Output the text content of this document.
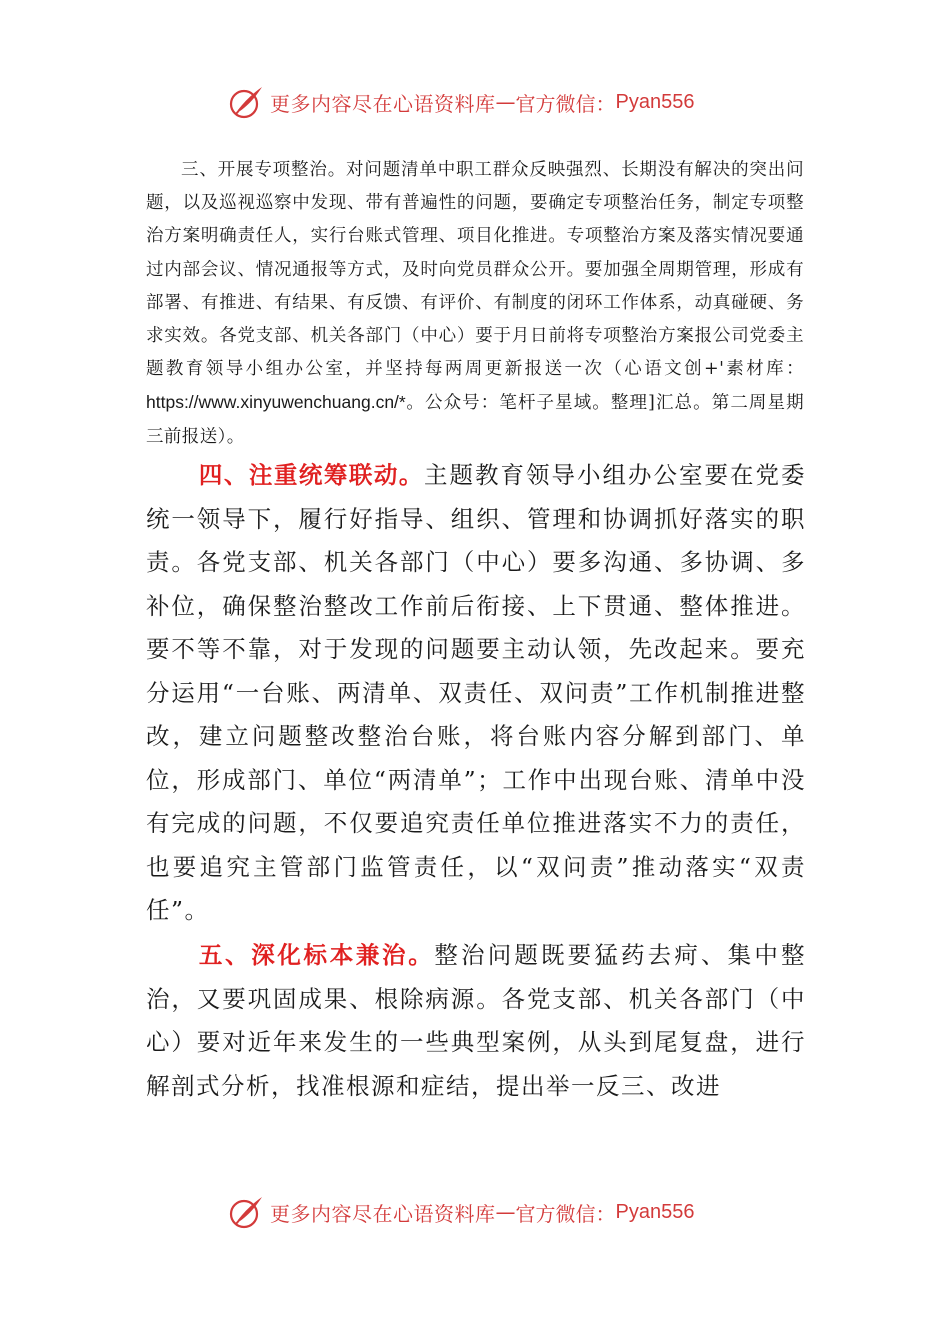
更多内容尽在心语资料库 — 官方微信： Pyan556

三、开展专项整治。对问题清单中职工群众反映强烈、长期没有解决的突出问题，以及巡视巡察中发现、带有普遍性的问题，要确定专项整治任务，制定专项整治方案明确责任人，实行台账式管理、项目化推进。专项整治方案及落实情况要通过内部会议、情况通报等方式，及时向党员群众公开。要加强全周期管理，形成有部署、有推进、有结果、有反馈、有评价、有制度的闭环工作体系，动真碰硬、务求实效。各党支部、机关各部门（中心）要于月日前将专项整治方案报公司党委主题教育领导小组办公室，并坚持每两周更新报送一次（心语文创+'素材库：https://www.xinyuwenchuang.cn/*。公众号：笔杆子星域。整理]汇总。第二周星期三前报送）。

四、注重统筹联动。主题教育领导小组办公室要在党委统一领导下，履行好指导、组织、管理和协调抓好落实的职责。各党支部、机关各部门（中心）要多沟通、多协调、多补位，确保整治整改工作前后衔接、上下贯通、整体推进。要不等不靠，对于发现的问题要主动认领，先改起来。要充分运用“一台账、两清单、双责任、双问责”工作机制推进整改，建立问题整改整治台账，将台账内容分解到部门、单位，形成部门、单位“两清单”；工作中出现台账、清单中没有完成的问题，不仅要追究责任单位推进落实不力的责任，也要追究主管部门监管责任，以“双问责”推动落实“双责任”。

五、深化标本兼治。整治问题既要猛药去疴、集中整治，又要巩固成果、根除病源。各党支部、机关各部门（中心）要对近年来发生的一些典型案例，从头到尾复盘，进行解剖式分析，找准根源和症结，提出举一反三、改进

更多内容尽在心语资料库 — 官方微信： Pyan556
